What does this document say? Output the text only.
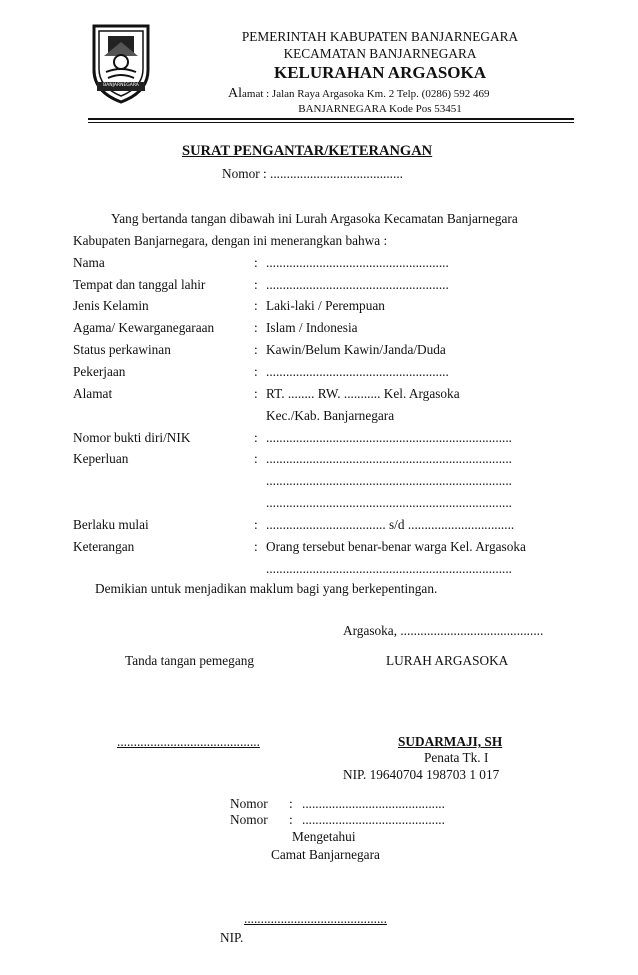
BANJARNEGARA
PEMERINTAH KABUPATEN BANJARNEGARA
KECAMATAN BANJARNEGARA
KELURAHAN ARGASOKA
Alamat : Jalan Raya Argasoka Km. 2 Telp. (0286) 592 469
BANJARNEGARA Kode Pos 53451
SURAT PENGANTAR/KETERANGAN
Nomor : ........................................
Yang bertanda tangan dibawah ini Lurah Argasoka Kecamatan Banjarnegara
Kabupaten Banjarnegara, dengan ini menerangkan bahwa :
Nama	: .......................................................
Tempat dan tanggal lahir	: .......................................................
Jenis Kelamin	: Laki-laki / Perempuan
Agama/ Kewarganegaraan	: Islam / Indonesia
Status perkawinan	: Kawin/Belum Kawin/Janda/Duda
Pekerjaan	: .......................................................
Alamat	: RT. ........ RW. ........... Kel. Argasoka
Kec./Kab. Banjarnegara
Nomor bukti diri/NIK	: ..........................................................................
Keperluan	: ..........................................................................
..........................................................................
..........................................................................
Berlaku mulai	: .................................... s/d ................................
Keterangan	: Orang tersebut benar-benar warga Kel. Argasoka
..........................................................................
Demikian untuk menjadikan maklum bagi yang berkepentingan.
Argasoka, ...........................................
Tanda tangan pemegang	LURAH ARGASOKA
...........................................	SUDARMAJI, SH
Penata Tk. I
NIP. 19640704 198703 1 017
Nomor : ...........................................
Nomor : ...........................................
Mengetahui
Camat Banjarnegara
...........................................
NIP.
